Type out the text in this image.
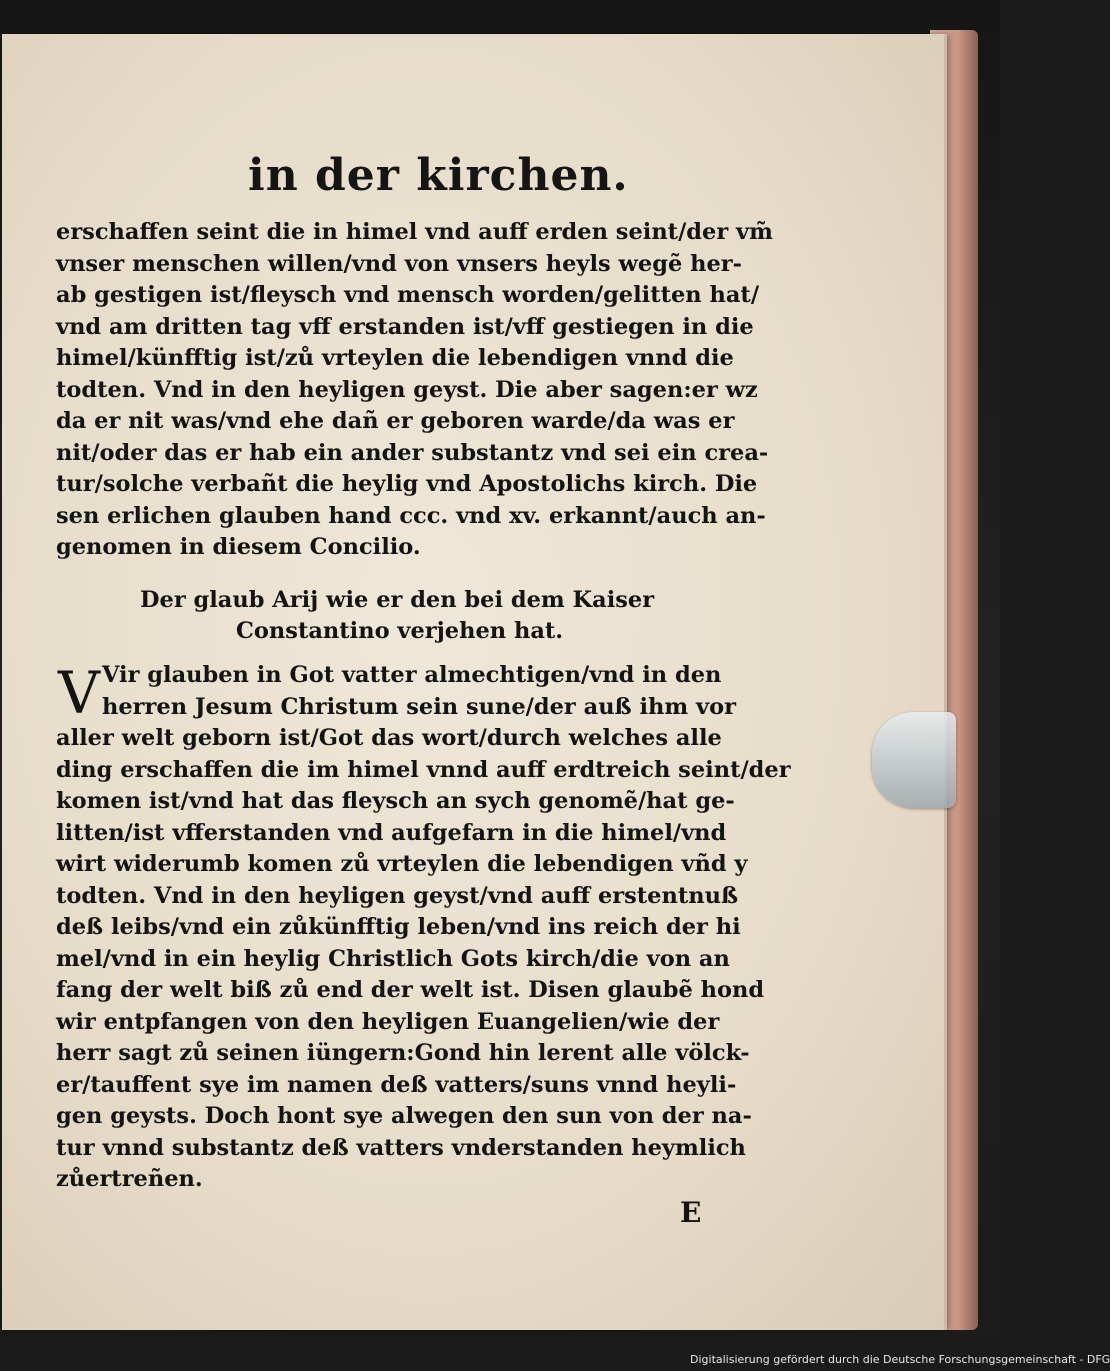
in der kirchen.
erschaffen seint die in himel vnd auff erden seint/der vm̃
vnser menschen willen/vnd von vnsers heyls wegẽ her-
ab gestigen ist/fleysch vnd mensch worden/gelitten hat/
vnd am dritten tag vff erstanden ist/vff gestiegen in die
himel/künfftig ist/zů vrteylen die lebendigen vnnd die
todten. Vnd in den heyligen geyst. Die aber sagen:er wz
da er nit was/vnd ehe dañ er geboren warde/da was er
nit/oder das er hab ein ander substantz vnd sei ein crea-
tur/solche verbañt die heylig vnd Apostolichs kirch. Die
sen erlichen glauben hand ccc. vnd xv. erkannt/auch an-
genomen in diesem Concilio.
Der glaub Arij wie er den bei dem Kaiser
Constantino verjehen hat.
V Vir glauben in Got vatter almechtigen/vnd in den
herren Jesum Christum sein sune/der auß ihm vor
aller welt geborn ist/Got das wort/durch welches alle
ding erschaffen die im himel vnnd auff erdtreich seint/der
komen ist/vnd hat das fleysch an sych genomẽ/hat ge-
litten/ist vfferstanden vnd aufgefarn in die himel/vnd
wirt widerumb komen zů vrteylen die lebendigen vñd y
todten. Vnd in den heyligen geyst/vnd auff erstentnuß
deß leibs/vnd ein zůkünfftig leben/vnd ins reich der hi
mel/vnd in ein heylig Christlich Gots kirch/die von an
fang der welt biß zů end der welt ist. Disen glaubẽ hond
wir entpfangen von den heyligen Euangelien/wie der
herr sagt zů seinen iüngern:Gond hin lerent alle völck-
er/tauffent sye im namen deß vatters/suns vnnd heyli-
gen geysts. Doch hont sye alwegen den sun von der na-
tur vnnd substantz deß vatters vnderstanden heymlich
zůertreñen.
E
Digitalisierung gefördert durch die Deutsche Forschungsgemeinschaft - DFG
